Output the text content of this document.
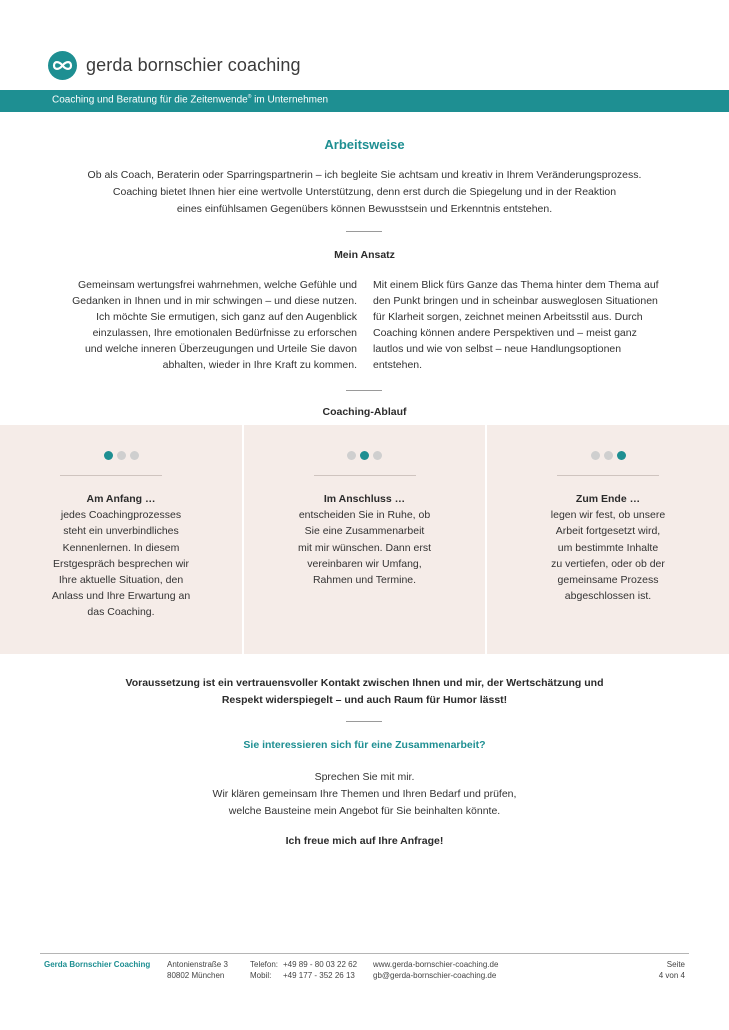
gerda bornschier coaching
Coaching und Beratung für die Zeitenwende® im Unternehmen
Arbeitsweise
Ob als Coach, Beraterin oder Sparringspartnerin – ich begleite Sie achtsam und kreativ in Ihrem Veränderungsprozess.
Coaching bietet Ihnen hier eine wertvolle Unterstützung, denn erst durch die Spiegelung und in der Reaktion
eines einfühlsamen Gegenübers können Bewusstsein und Erkenntnis entstehen.
Mein Ansatz
Gemeinsam wertungsfrei wahrnehmen, welche Gefühle und
Gedanken in Ihnen und in mir schwingen – und diese nutzen.
Ich möchte Sie ermutigen, sich ganz auf den Augenblick
einzulassen, Ihre emotionalen Bedürfnisse zu erforschen
und welche inneren Überzeugungen und Urteile Sie davon
abhalten, wieder in Ihre Kraft zu kommen.
Mit einem Blick fürs Ganze das Thema hinter dem Thema auf
den Punkt bringen und in scheinbar ausweglosen Situationen
für Klarheit sorgen, zeichnet meinen Arbeitsstil aus. Durch
Coaching können andere Perspektiven und – meist ganz
lautlos und wie von selbst – neue Handlungsoptionen
entstehen.
Coaching-Ablauf
Am Anfang …
jedes Coachingprozesses
steht ein unverbindliches
Kennenlernen. In diesem
Erstgespräch besprechen wir
Ihre aktuelle Situation, den
Anlass und Ihre Erwartung an
das Coaching.
Im Anschluss …
entscheiden Sie in Ruhe, ob
Sie eine Zusammenarbeit
mit mir wünschen. Dann erst
vereinbaren wir Umfang,
Rahmen und Termine.
Zum Ende …
legen wir fest, ob unsere
Arbeit fortgesetzt wird,
um bestimmte Inhalte
zu vertiefen, oder ob der
gemeinsame Prozess
abgeschlossen ist.
Voraussetzung ist ein vertrauensvoller Kontakt zwischen Ihnen und mir, der Wertschätzung und
Respekt widerspiegelt – und auch Raum für Humor lässt!
Sie interessieren sich für eine Zusammenarbeit?
Sprechen Sie mit mir.
Wir klären gemeinsam Ihre Themen und Ihren Bedarf und prüfen,
welche Bausteine mein Angebot für Sie beinhalten könnte.
Ich freue mich auf Ihre Anfrage!
Gerda Bornschier Coaching Antonienstraße 3
80802 München
Telefon: +49 89 - 80 03 22 62
Mobil: +49 177 - 352 26 13
www.gerda-bornschier-coaching.de
gb@gerda-bornschier-coaching.de
Seite
4 von 4
